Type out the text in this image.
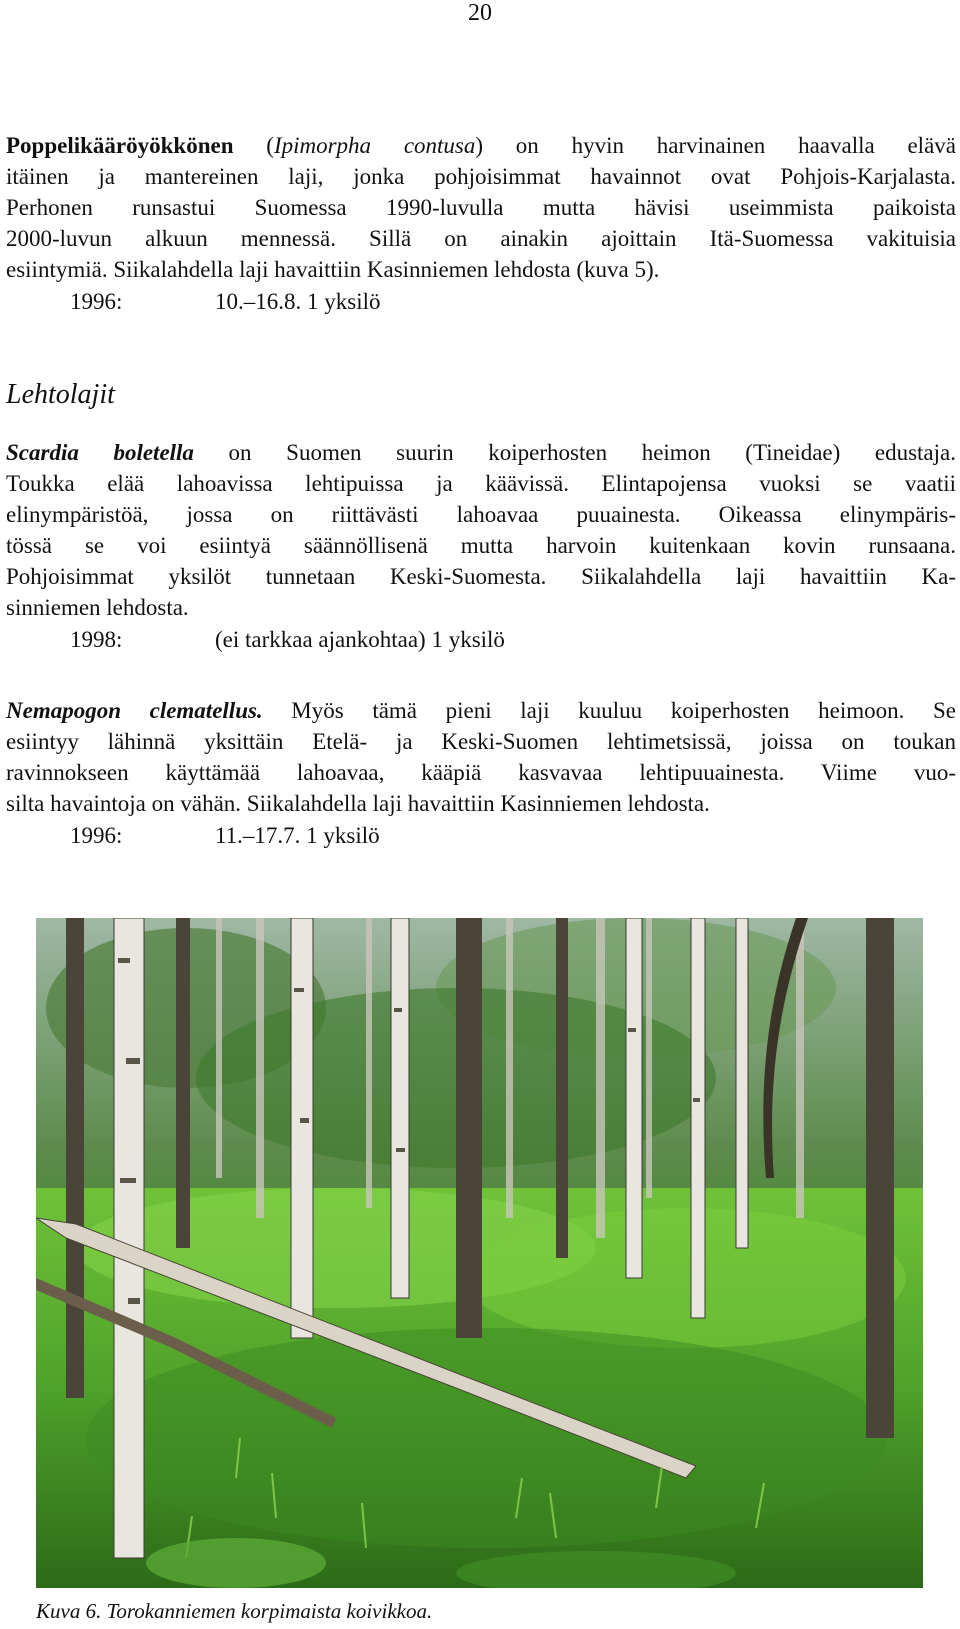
20
Poppelikääröyökkönen (Ipimorpha contusa) on hyvin harvinainen haavalla elävä
itäinen ja mantereinen laji, jonka pohjoisimmat havainnot ovat Pohjois-Karjalasta.
Perhonen runsastui Suomessa 1990-luvulla mutta hävisi useimmista paikoista
2000-luvun alkuun mennessä. Sillä on ainakin ajoittain Itä-Suomessa vakituisia
esiintymiä. Siikalahdella laji havaittiin Kasinniemen lehdosta (kuva 5).
1996:	10.–16.8. 1 yksilö
Lehtolajit
Scardia boletella on Suomen suurin koiperhosten heimon (Tineidae) edustaja.
Toukka elää lahoavissa lehtipuissa ja käävissä. Elintapojensa vuoksi se vaatii
elinympäristöä, jossa on riittävästi lahoavaa puuainesta. Oikeassa elinympäris-
tössä se voi esiintyä säännöllisenä mutta harvoin kuitenkaan kovin runsaana.
Pohjoisimmat yksilöt tunnetaan Keski-Suomesta. Siikalahdella laji havaittiin Ka-
sinniemen lehdosta.
1998:	(ei tarkkaa ajankohtaa) 1 yksilö
Nemapogon clematellus. Myös tämä pieni laji kuuluu koiperhosten heimoon. Se
esiintyy lähinnä yksittäin Etelä- ja Keski-Suomen lehtimetsissä, joissa on toukan
ravinnokseen käyttämää lahoavaa, kääpiä kasvavaa lehtipuuainesta. Viime vuo-
silta havaintoja on vähän. Siikalahdella laji havaittiin Kasinniemen lehdosta.
1996:	11.–17.7. 1 yksilö
Kuva 6. Torokanniemen korpimaista koivikkoa.
